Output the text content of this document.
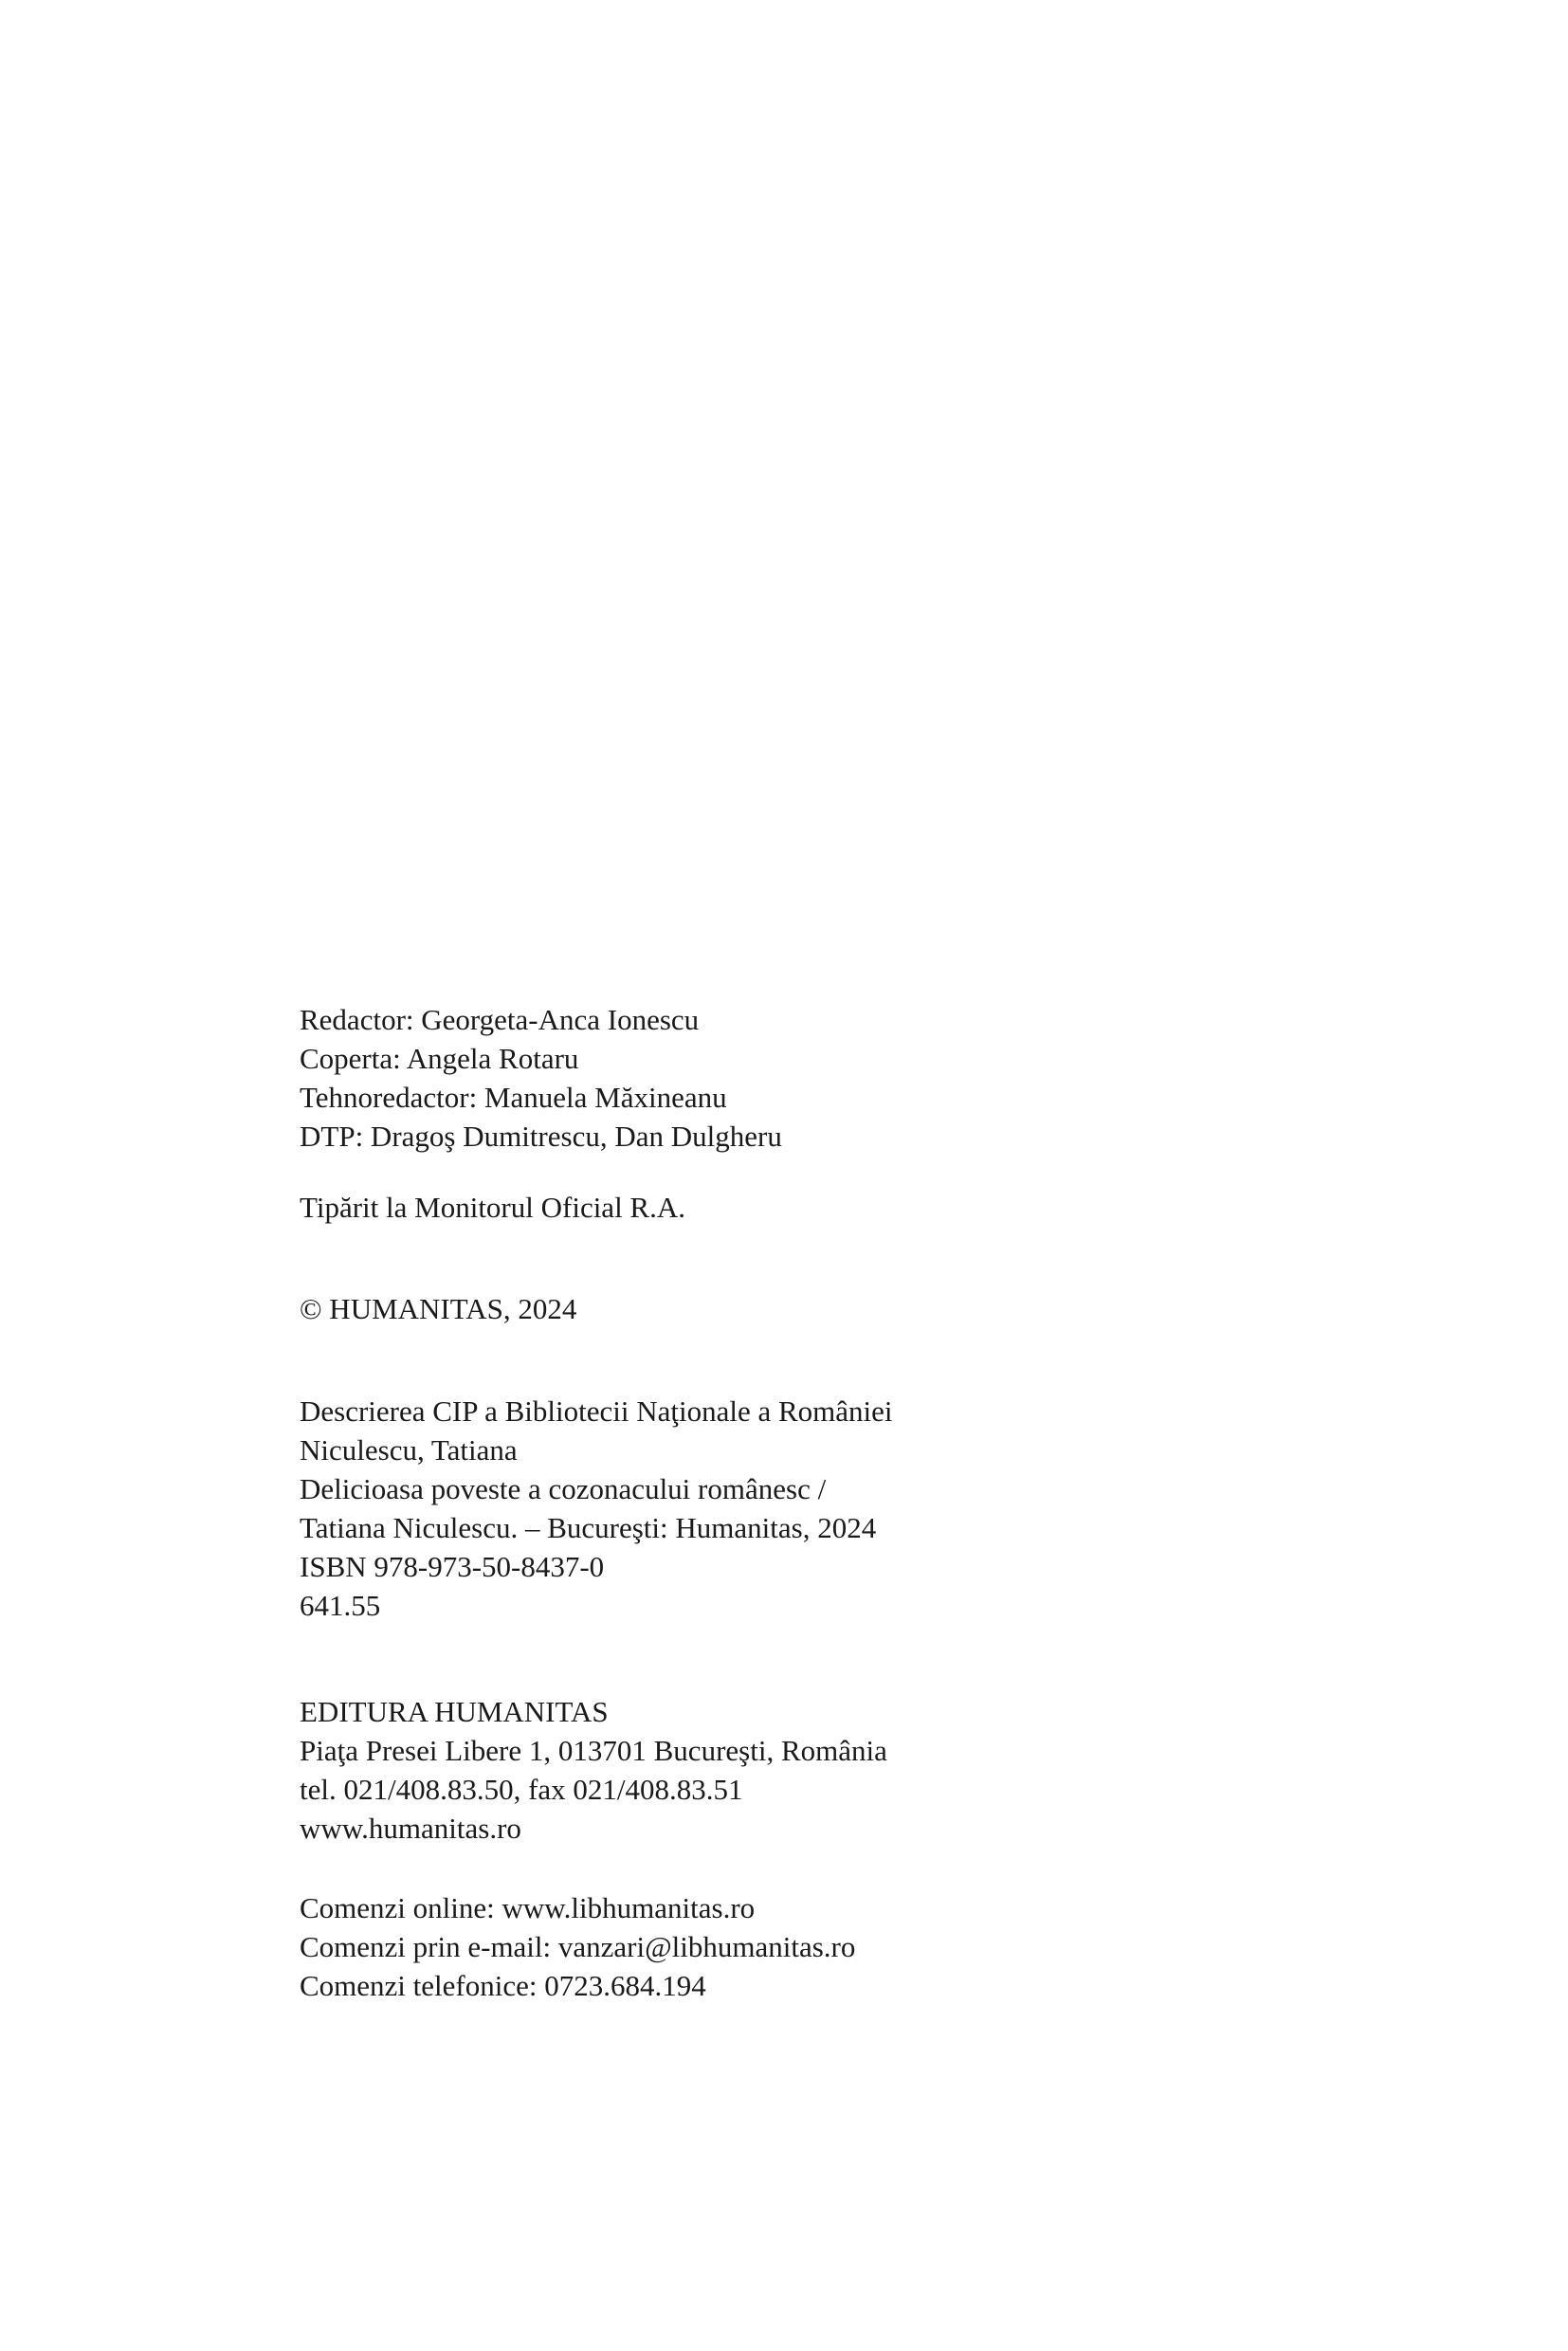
Redactor: Georgeta-Anca Ionescu
Coperta: Angela Rotaru
Tehnoredactor: Manuela Măxineanu
DTP: Dragoş Dumitrescu, Dan Dulgheru
Tipărit la Monitorul Oficial R.A.
© HUMANITAS, 2024
Descrierea CIP a Bibliotecii Naţionale a României
Niculescu, Tatiana
Delicioasa poveste a cozonacului românesc /
Tatiana Niculescu. – Bucureşti: Humanitas, 2024
ISBN 978-973-50-8437-0
641.55
EDITURA HUMANITAS
Piaţa Presei Libere 1, 013701 Bucureşti, România
tel. 021/408.83.50, fax 021/408.83.51
www.humanitas.ro
Comenzi online: www.libhumanitas.ro
Comenzi prin e-mail: vanzari@libhumanitas.ro
Comenzi telefonice: 0723.684.194
